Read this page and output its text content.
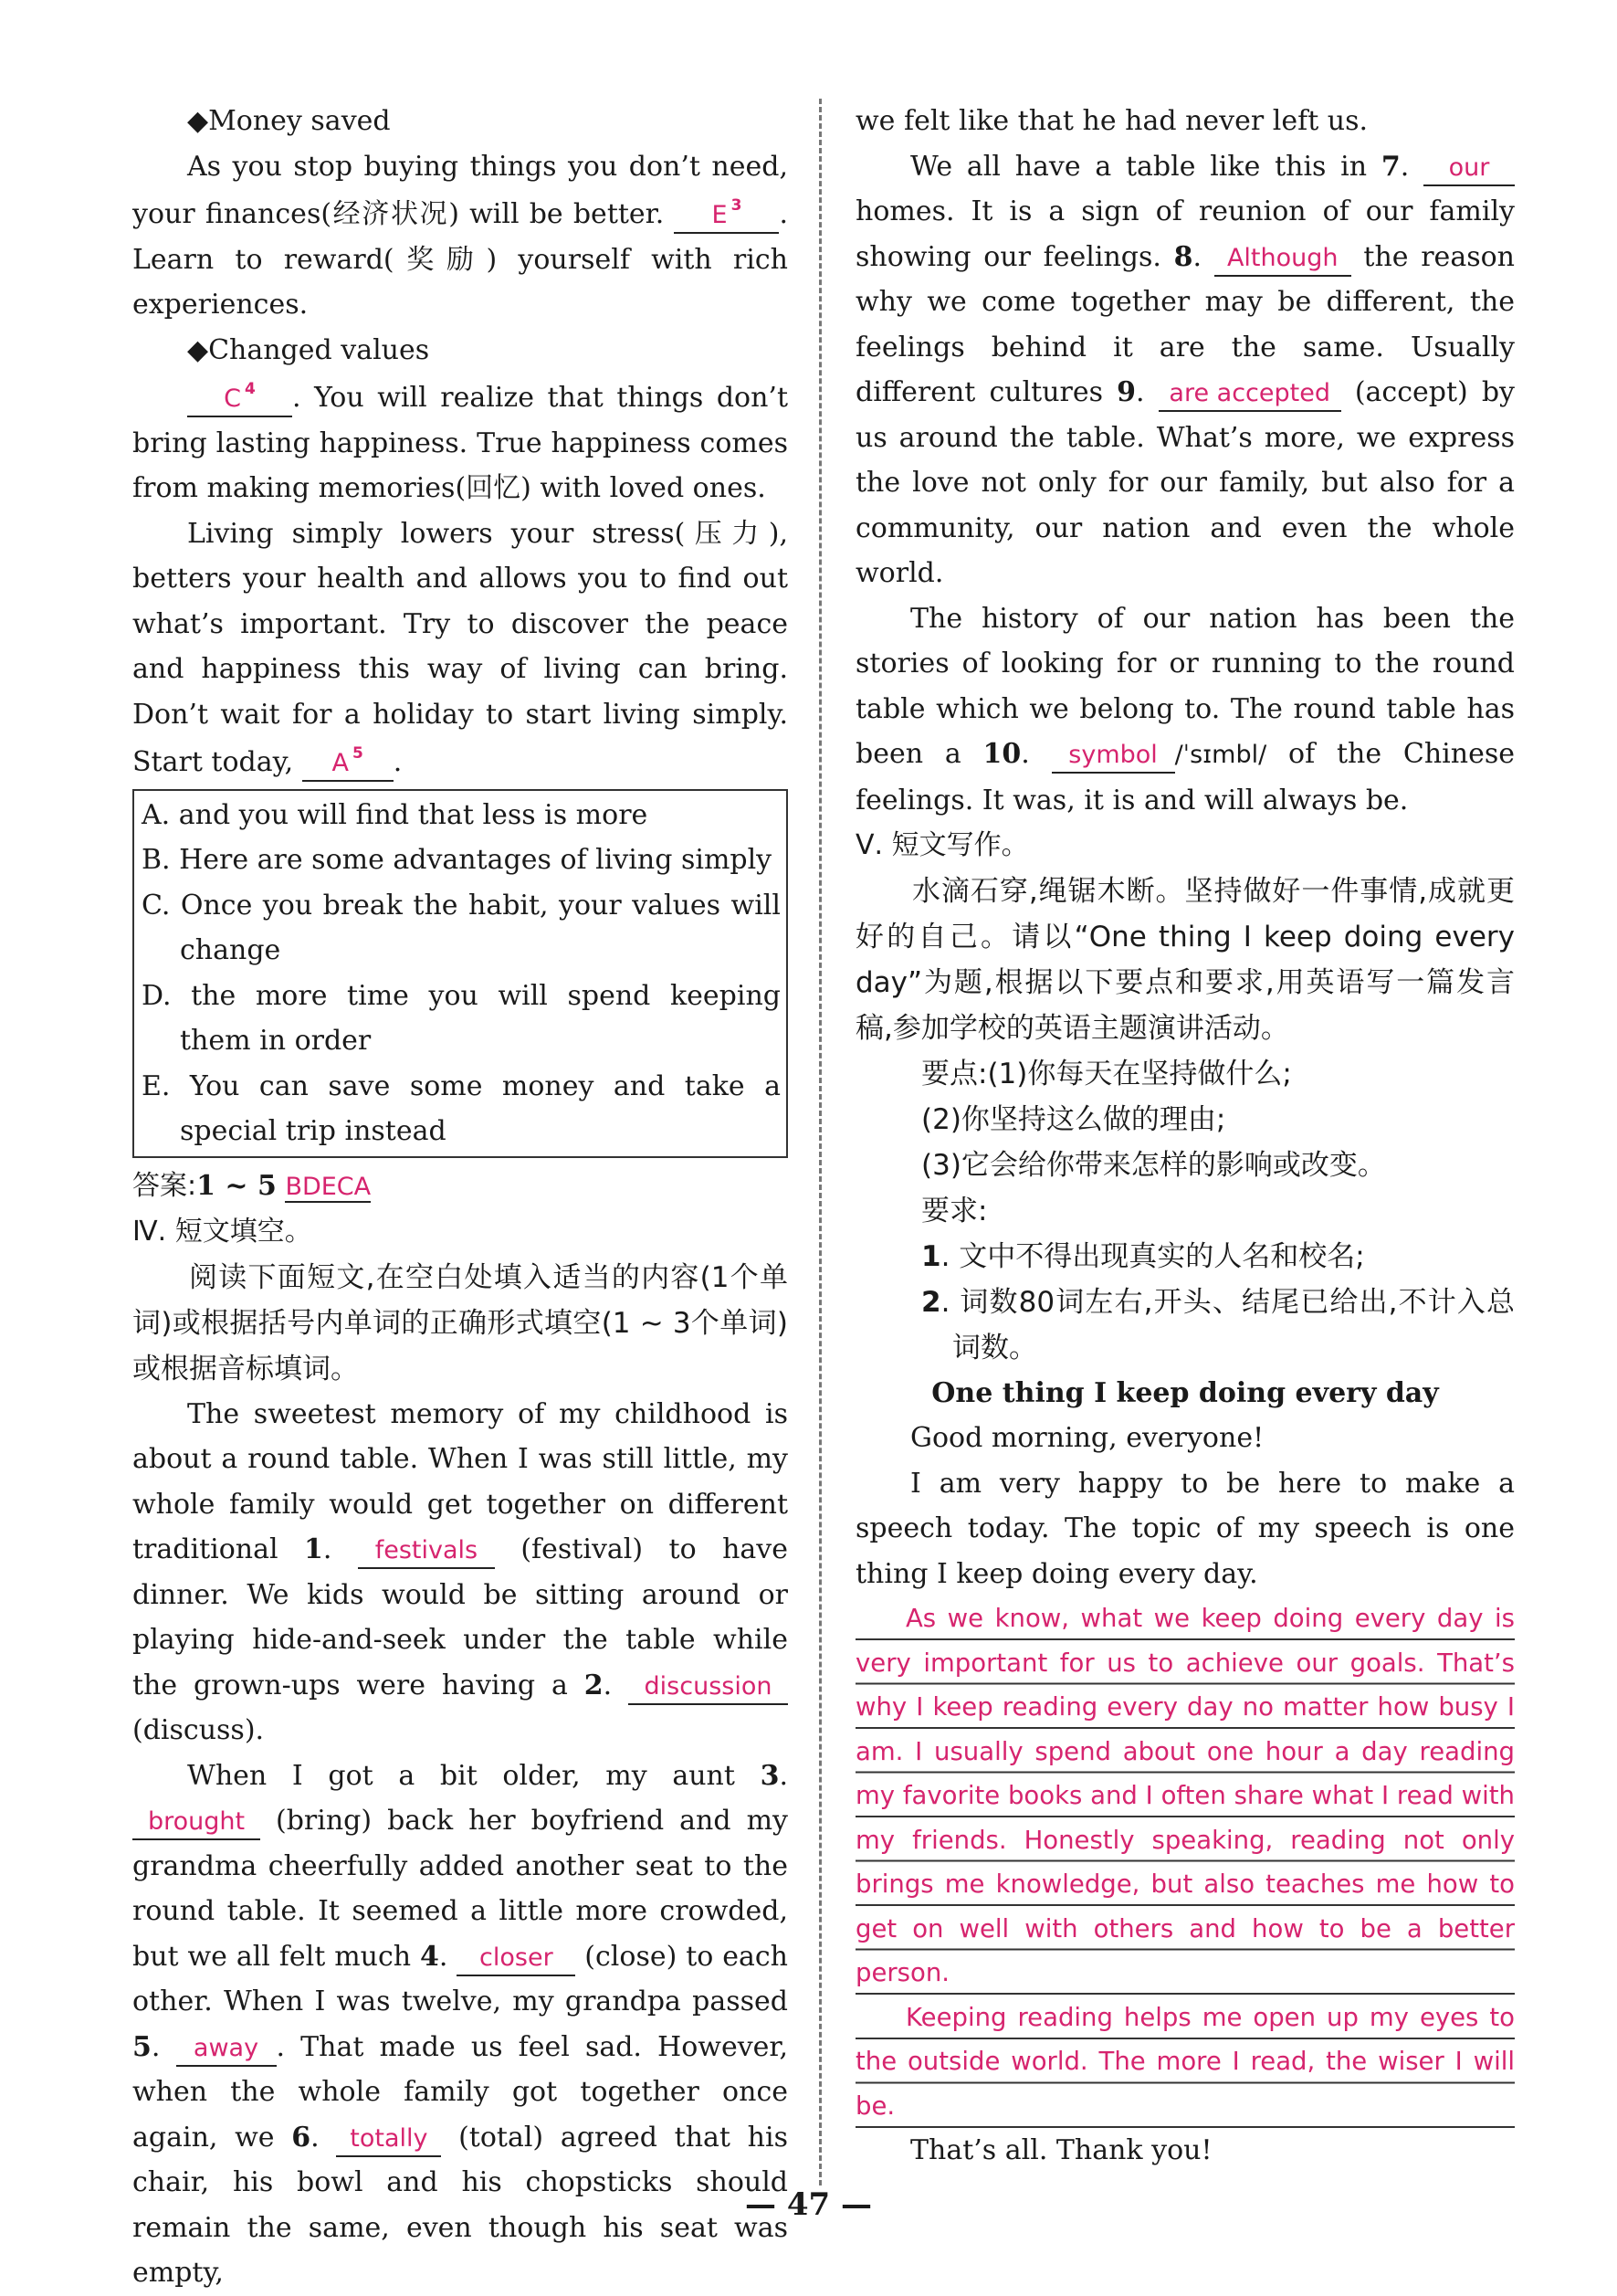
◆Money saved

As you stop buying things you don’t need, your finances(经济状况) will be better. E $^3$ . Learn to reward(奖励) yourself with rich experiences.

◆Changed values

C $^4$ . You will realize that things don’t bring lasting happiness. True happiness comes from making memories(回忆) with loved ones.

Living simply lowers your stress(压力), betters your health and allows you to find out what’s important. Try to discover the peace and happiness this way of living can bring. Don’t wait for a holiday to start living simply. Start today, A $^5$ .

A. and you will find that less is more

B. Here are some advantages of living simply

C. Once you break the habit, your values will change

D. the more time you will spend keeping them in order

E. You can save some money and take a special trip instead

答案:1 ~ 5 BDECA

Ⅳ. 短文填空。

阅读下面短文,在空白处填入适当的内容(1个单词)或根据括号内单词的正确形式填空(1 ~ 3个单词)或根据音标填词。

The sweetest memory of my childhood is about a round table. When I was still little, my whole family would get together on different traditional 1. festivals (festival) to have dinner. We kids would be sitting around or playing hide-and-seek under the table while the grown-ups were having a 2. discussion (discuss).

When I got a bit older, my aunt 3. brought (bring) back her boyfriend and my grandma cheerfully added another seat to the round table. It seemed a little more crowded, but we all felt much 4. closer (close) to each other. When I was twelve, my grandpa passed 5. away . That made us feel sad. However, when the whole family got together once again, we 6. totally (total) agreed that his chair, his bowl and his chopsticks should remain the same, even though his seat was empty,

we felt like that he had never left us.

We all have a table like this in 7. our homes. It is a sign of reunion of our family showing our feelings. 8. Although the reason why we come together may be different, the feelings behind it are the same. Usually different cultures 9. are accepted (accept) by us around the table. What’s more, we express the love not only for our family, but also for a community, our nation and even the whole world.

The history of our nation has been the stories of looking for or running to the round table which we belong to. The round table has been a 10. symbol /ˈsɪmbl/ of the Chinese feelings. It was, it is and will always be.

Ⅴ. 短文写作。

水滴石穿,绳锯木断。坚持做好一件事情,成就更好的自己。请以“One thing I keep doing every day”为题,根据以下要点和要求,用英语写一篇发言稿,参加学校的英语主题演讲活动。

要点:(1)你每天在坚持做什么;

(2)你坚持这么做的理由;

(3)它会给你带来怎样的影响或改变。

要求:

1. 文中不得出现真实的人名和校名;

2. 词数80词左右,开头、结尾已给出,不计入总词数。

One thing I keep doing every day

Good morning, everyone!

I am very happy to be here to make a speech today. The topic of my speech is one thing I keep doing every day.

As we know, what we keep doing every day is very important for us to achieve our goals. That’s why I keep reading every day no matter how busy I am. I usually spend about one hour a day reading my favorite books and I often share what I read with my friends. Honestly speaking, reading not only brings me knowledge, but also teaches me how to get on well with others and how to be a better person.

Keeping reading helps me open up my eyes to the outside world. The more I read, the wiser I will be.

That’s all. Thank you!

— 47 —
